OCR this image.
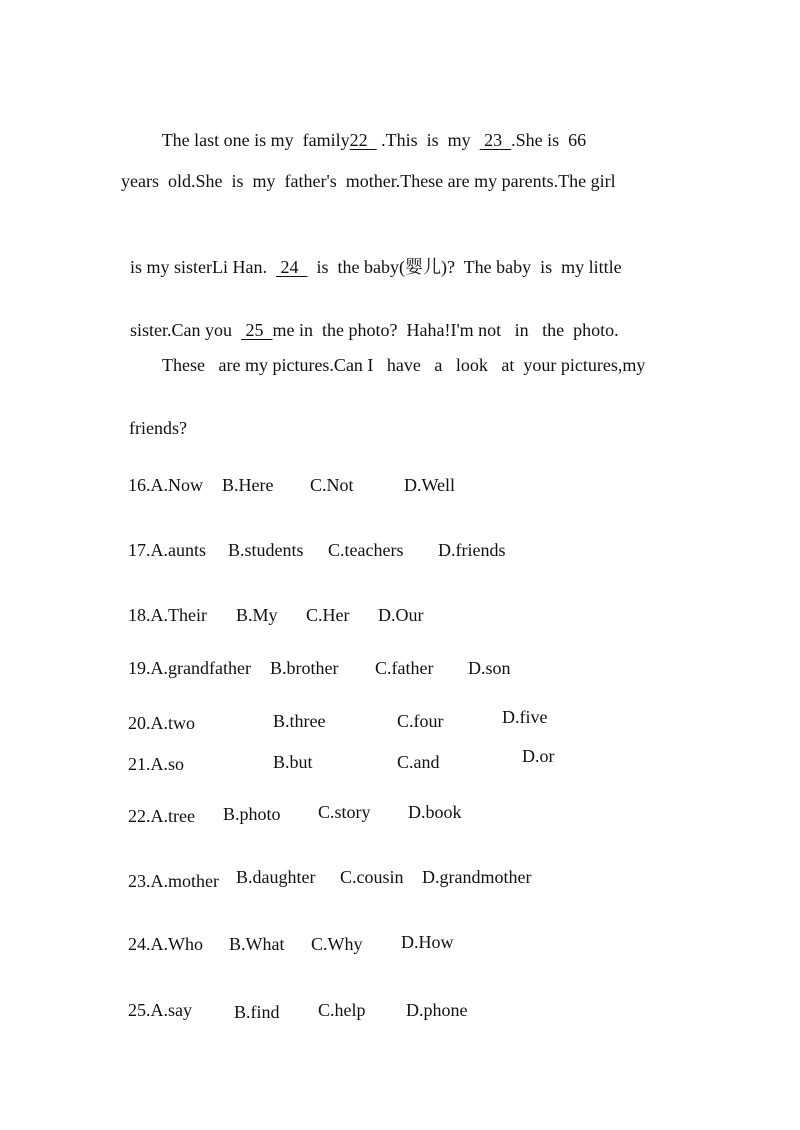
The last one is my  family22   .This  is  my   23  .She is  66

years  old.She  is  my  father's  mother.These are my parents.The girl

is my sisterLi Han.   24    is  the baby(婴儿)?  The baby  is  my little

sister.Can you   25  me in  the photo?  Haha!I'm not   in   the  photo.

These   are my pictures.Can I   have   a   look   at  your pictures,my
friends?
16.A.Now B.Here C.Not	D.Well
17.A.aunts B.students C.teachers D.friends
18.A.Their B.My C.Her D.Our
19.A.grandfather B.brother C.father D.son
20.A.two	B.three	C.four	D.five
21.A.so	B.but	C.and	D.or
22.A.tree B.photo C.story D.book
23.A.mother B.daughter C.cousin D.grandmother
24.A.Who B.What C.Why D.How
25.A.say B.find C.help D.phone
